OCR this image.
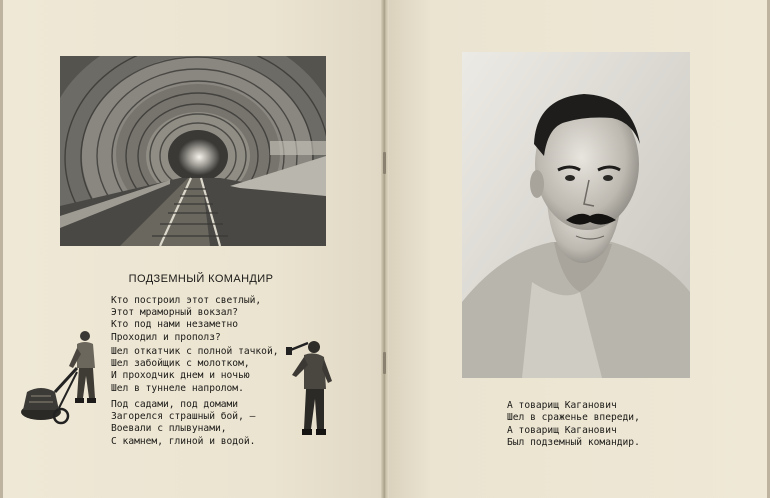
ПОДЗЕМНЫЙ КОМАНДИР
Кто построил этот светлый,
Этот мраморный вокзал?
Кто под нами незаметно
Проходил и прополз?
Шел откатчик с полной тачкой,
Шел забойщик с молотком,
И проходчик днем и ночью
Шел в туннеле напролом.
Под садами, под домами
Загорелся страшный бой, —
Воевали с плывунами,
С камнем, глиной и водой.
А товарищ Каганович
Шел в сраженье впереди,
А товарищ Каганович
Был подземный командир.
